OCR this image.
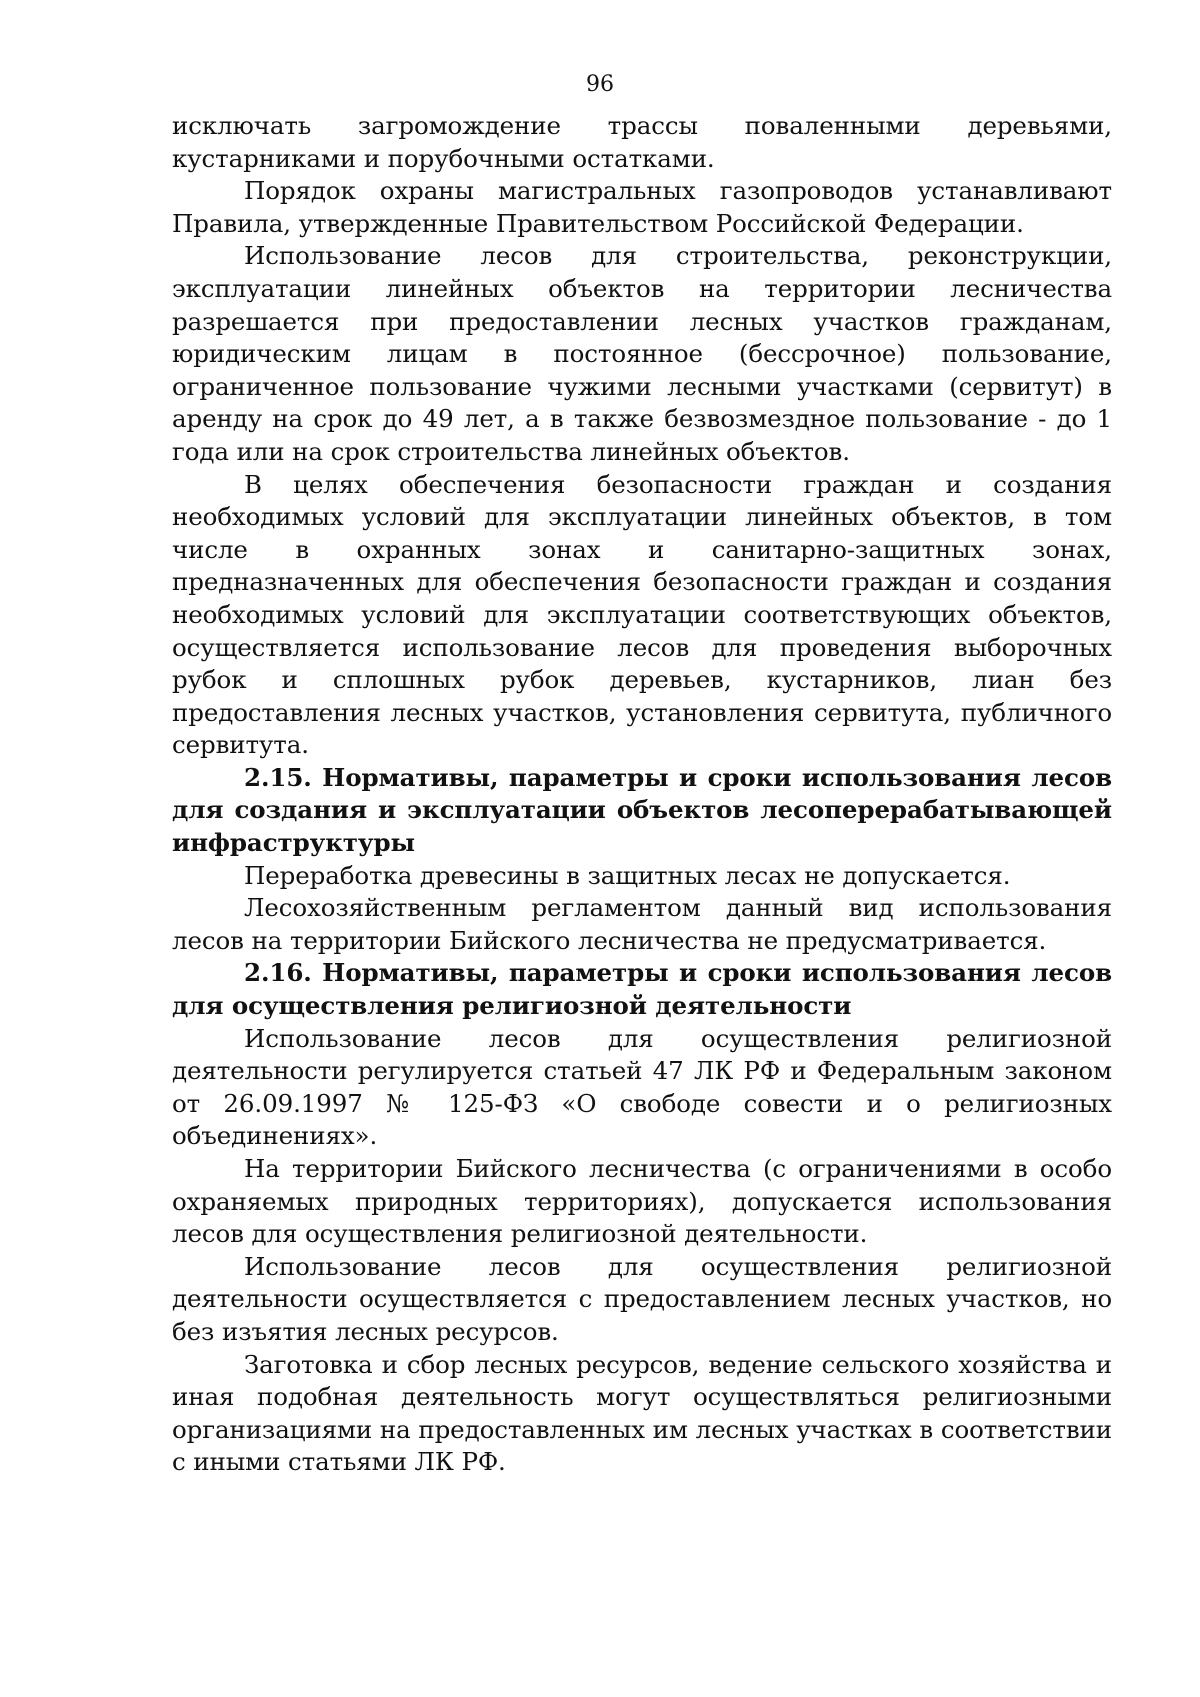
96

исключать загромождение трассы поваленными деревьями, кустарниками и порубочными остатками.

Порядок охраны магистральных газопроводов устанавливают Правила, утвержденные Правительством Российской Федерации.

Использование лесов для строительства, реконструкции, эксплуатации линейных объектов на территории лесничества разрешается при предоставлении лесных участков гражданам, юридическим лицам в постоянное (бессрочное) пользование, ограниченное пользование чужими лесными участками (сервитут) в аренду на срок до 49 лет, а в также безвозмездное пользование - до 1 года или на срок строительства линейных объектов.

В целях обеспечения безопасности граждан и создания необходимых условий для эксплуатации линейных объектов, в том числе в охранных зонах и санитарно-защитных зонах, предназначенных для обеспечения безопасности граждан и создания необходимых условий для эксплуатации соответствующих объектов, осуществляется использование лесов для проведения выборочных рубок и сплошных рубок деревьев, кустарников, лиан без предоставления лесных участков, установления сервитута, публичного сервитута.

2.15. Нормативы, параметры и сроки использования лесов для создания и эксплуатации объектов лесоперерабатывающей инфраструктуры

Переработка древесины в защитных лесах не допускается.

Лесохозяйственным регламентом данный вид использования лесов на территории Бийского лесничества не предусматривается.

2.16. Нормативы, параметры и сроки использования лесов для осуществления религиозной деятельности

Использование лесов для осуществления религиозной деятельности регулируется статьей 47 ЛК РФ и Федеральным законом от 26.09.1997 № 125-ФЗ «О свободе совести и о религиозных объединениях».

На территории Бийского лесничества (с ограничениями в особо охраняемых природных территориях), допускается использования лесов для осуществления религиозной деятельности.

Использование лесов для осуществления религиозной деятельности осуществляется с предоставлением лесных участков, но без изъятия лесных ресурсов.

Заготовка и сбор лесных ресурсов, ведение сельского хозяйства и иная подобная деятельность могут осуществляться религиозными организациями на предоставленных им лесных участках в соответствии с иными статьями ЛК РФ.
